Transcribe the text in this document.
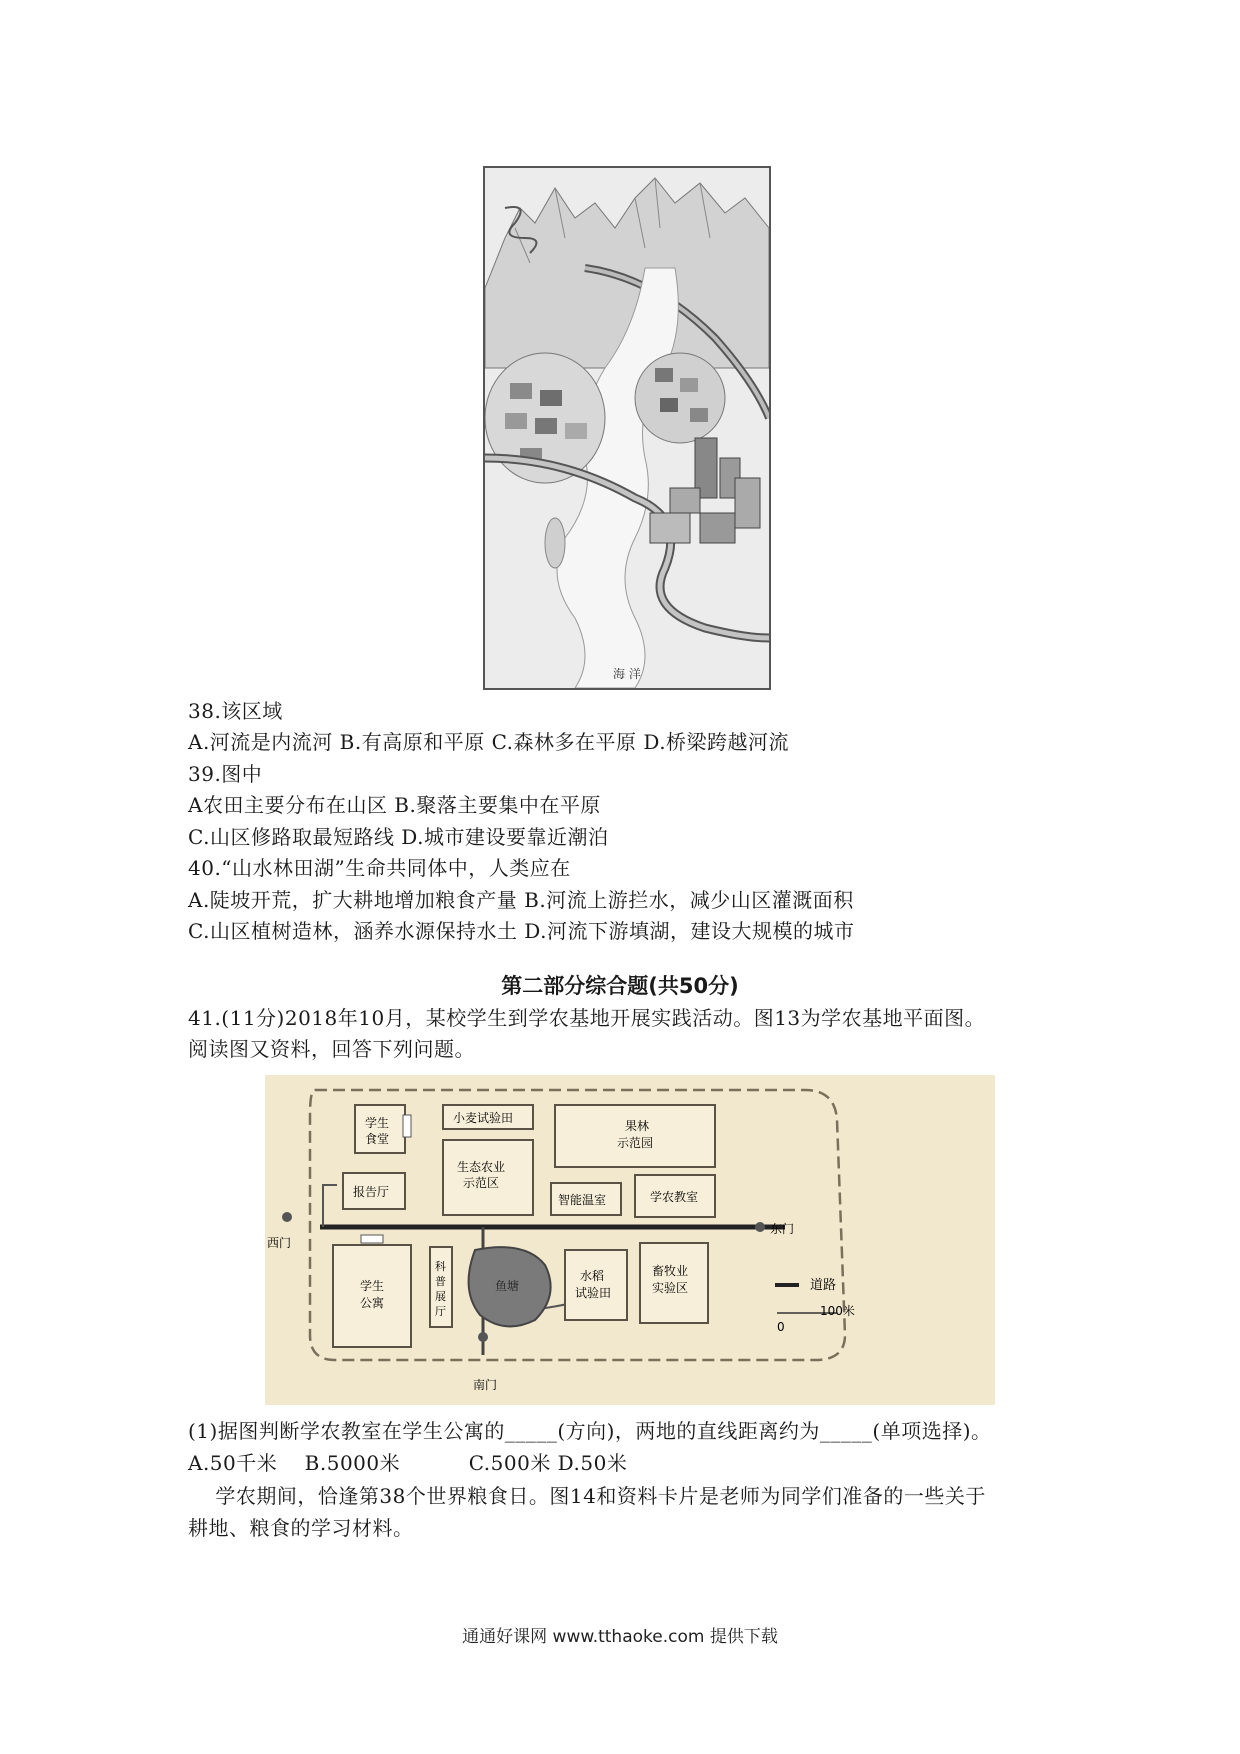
海 洋
38.该区域
A.河流是内流河 B.有高原和平原 C.森林多在平原 D.桥梁跨越河流
39.图中
A农田主要分布在山区 B.聚落主要集中在平原
C.山区修路取最短路线 D.城市建设要靠近潮泊
40.“山水林田湖”生命共同体中，人类应在
A.陡坡开荒，扩大耕地增加粮食产量 B.河流上游拦水，减少山区灌溉面积
C.山区植树造林，涵养水源保持水土 D.河流下游填湖，建设大规模的城市
第二部分综合题(共50分)
41.(11分)2018年10月，某校学生到学农基地开展实践活动。图13为学农基地平面图。
阅读图又资料，回答下列问题。
学生
食堂
小麦试验田
果林
示范园
生态农业
示范区
报告厅
智能温室	学农教室
西门
东门
南门
学生
公寓
科
普
展
厅
鱼塘
水稻
试验田
畜牧业
实验区	道路
0
100米
(1)据图判断学农教室在学生公寓的_____(方向)，两地的直线距离约为_____(单项选择)。
A.50千米    B.5000米          C.500米 D.50米
学农期间，恰逢第38个世界粮食日。图14和资料卡片是老师为同学们准备的一些关于
耕地、粮食的学习材料。
通通好课网 www.tthaoke.com 提供下载
